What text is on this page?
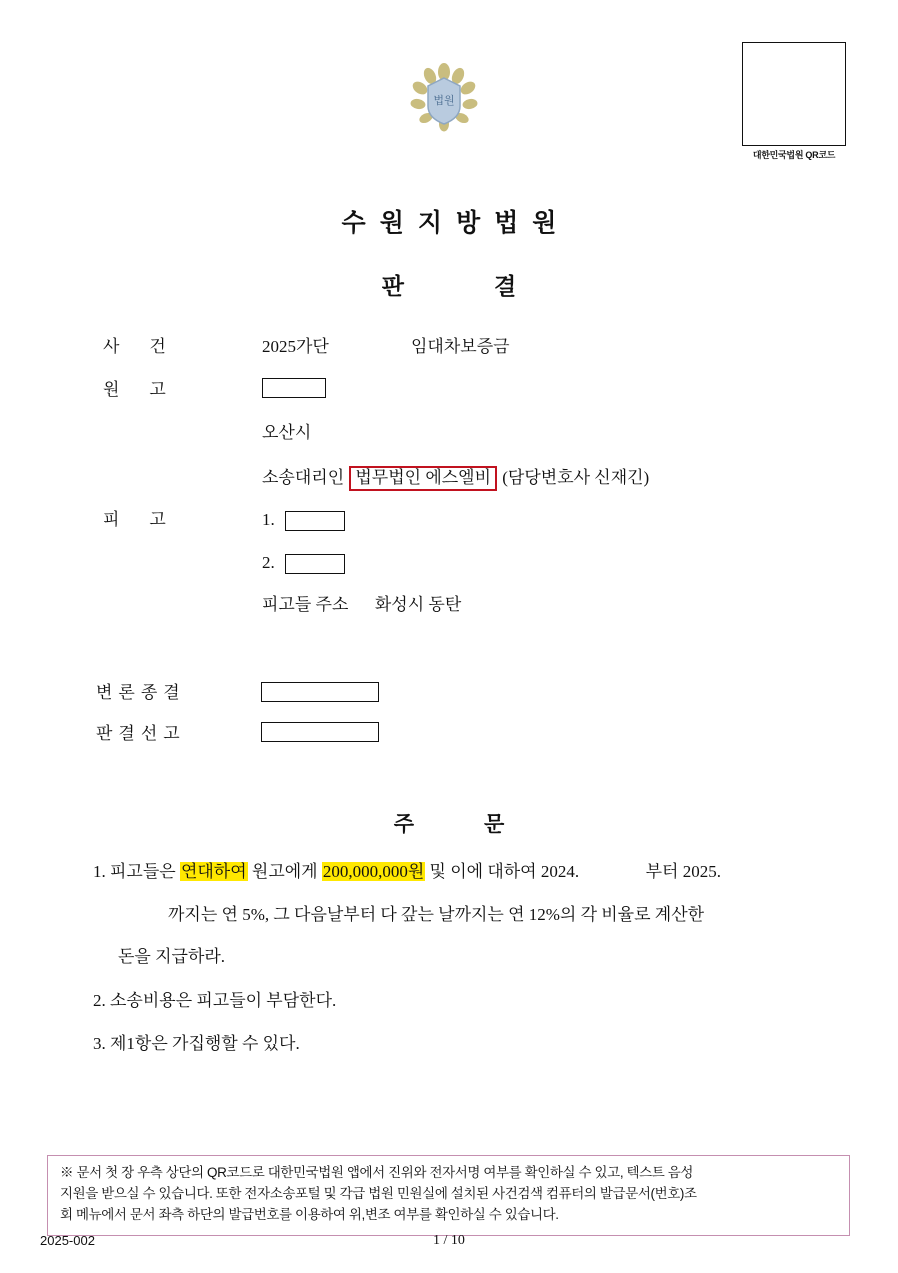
법원
대한민국법원 QR코드
수원지방법원
판결
사건	2025가단	임대차보증금
원고
오산시
소송대리인 법무법인 에스엘비 (담당변호사 신재긴)
피고	1.
2.
피고들 주소 화성시 동탄
변론종결
판결선고
주문
1. 피고들은 연대하여 원고에게 200,000,000원 및 이에 대하여 2024.	부터 2025.
까지는 연 5%, 그 다음날부터 다 갚는 날까지는 연 12%의 각 비율로 계산한
돈을 지급하라.
2. 소송비용은 피고들이 부담한다.
3. 제1항은 가집행할 수 있다.
※ 문서 첫 장 우측 상단의 QR코드로 대한민국법원 앱에서 진위와 전자서명 여부를 확인하실 수 있고, 텍스트 음성
지원을 받으실 수 있습니다. 또한 전자소송포털 및 각급 법원 민원실에 설치된 사건검색 컴퓨터의 발급문서(번호)조
회 메뉴에서 문서 좌측 하단의 발급번호를 이용하여 위,변조 여부를 확인하실 수 있습니다.
2025-002	1 / 10
